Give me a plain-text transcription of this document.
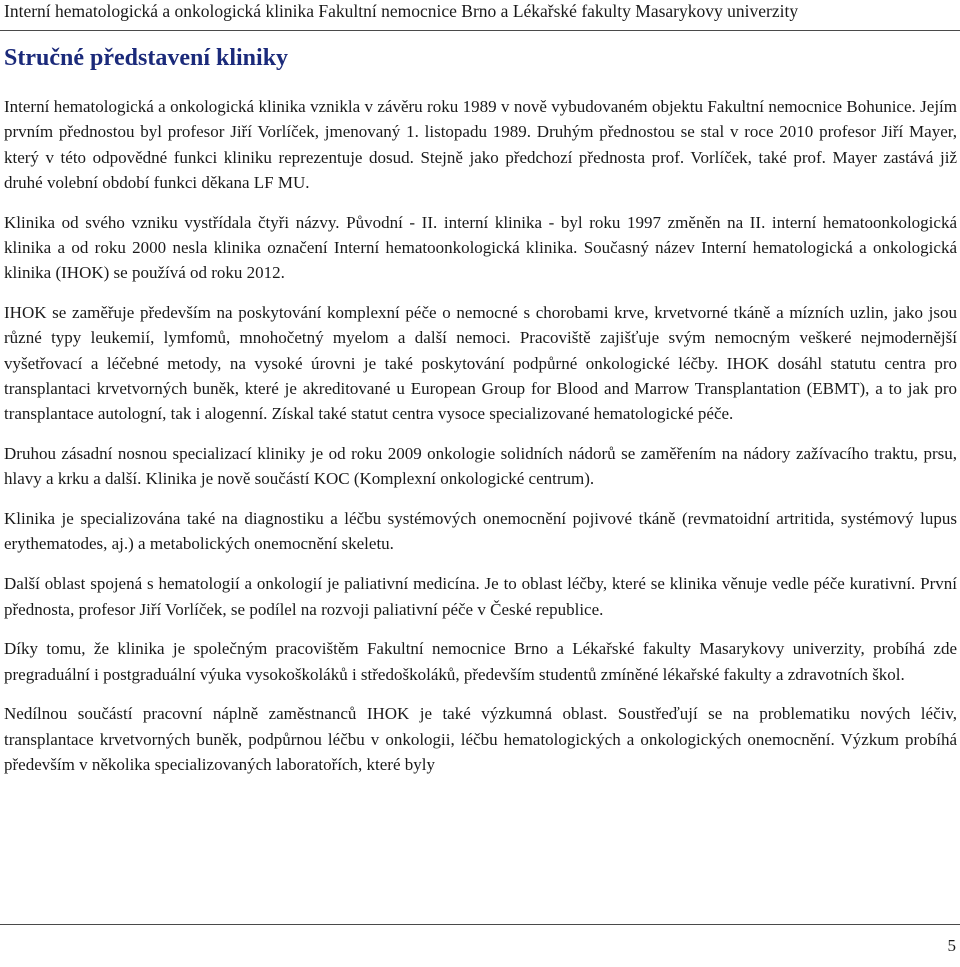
Interní hematologická a onkologická klinika Fakultní nemocnice Brno a Lékařské fakulty Masarykovy univerzity
Stručné představení kliniky

Interní hematologická a onkologická klinika vznikla v závěru roku 1989 v nově vybudovaném objektu Fakultní nemocnice Bohunice. Jejím prvním přednostou byl profesor Jiří Vorlíček, jmenovaný 1. listopadu 1989. Druhým přednostou se stal v roce 2010 profesor Jiří Mayer, který v této odpovědné funkci kliniku reprezentuje dosud. Stejně jako předchozí přednosta prof. Vorlíček, také prof. Mayer zastává již druhé volební období funkci děkana LF MU.

Klinika od svého vzniku vystřídala čtyři názvy. Původní - II. interní klinika - byl roku 1997 změněn na II. interní hematoonkologická klinika a od roku 2000 nesla klinika označení Interní hematoonkologická klinika. Současný název Interní hematologická a onkologická klinika (IHOK) se používá od roku 2012.

IHOK se zaměřuje především na poskytování komplexní péče o nemocné s chorobami krve, krvetvorné tkáně a mízních uzlin, jako jsou různé typy leukemií, lymfomů, mnohočetný myelom a další nemoci. Pracoviště zajišťuje svým nemocným veškeré nejmodernější vyšetřovací a léčebné metody, na vysoké úrovni je také poskytování podpůrné onkologické léčby. IHOK dosáhl statutu centra pro transplantaci krvetvorných buněk, které je akreditované u European Group for Blood and Marrow Transplantation (EBMT), a to jak pro transplantace autologní, tak i alogenní. Získal také statut centra vysoce specializované hematologické péče.

Druhou zásadní nosnou specializací kliniky je od roku 2009 onkologie solidních nádorů se zaměřením na nádory zažívacího traktu, prsu, hlavy a krku a další. Klinika je nově součástí KOC (Komplexní onkologické centrum).

Klinika je specializována také na diagnostiku a léčbu systémových onemocnění pojivové tkáně (revmatoidní artritida, systémový lupus erythematodes, aj.) a metabolických onemocnění skeletu.

Další oblast spojená s hematologií a onkologií je paliativní medicína. Je to oblast léčby, které se klinika věnuje vedle péče kurativní. První přednosta, profesor Jiří Vorlíček, se podílel na rozvoji paliativní péče v České republice.

Díky tomu, že klinika je společným pracovištěm Fakultní nemocnice Brno a Lékařské fakulty Masarykovy univerzity, probíhá zde pregraduální i postgraduální výuka vysokoškoláků i středoškoláků, především studentů zmíněné lékařské fakulty a zdravotních škol.

Nedílnou součástí pracovní náplně zaměstnanců IHOK je také výzkumná oblast. Soustřeďují se na problematiku nových léčiv, transplantace krvetvorných buněk, podpůrnou léčbu v onkologii, léčbu hematologických a onkologických onemocnění. Výzkum probíhá především v několika specializovaných laboratořích, které byly

5
